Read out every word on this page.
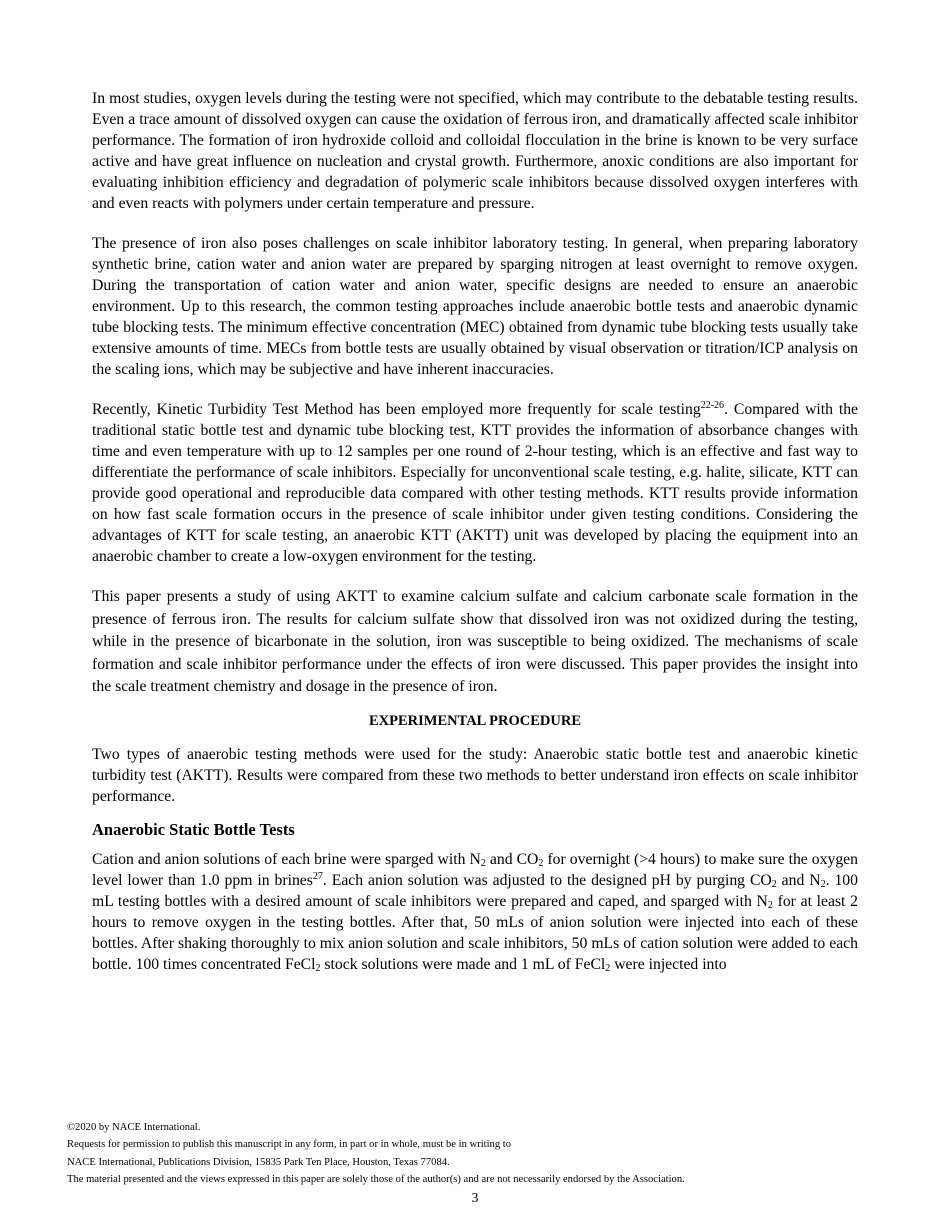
In most studies, oxygen levels during the testing were not specified, which may contribute to the debatable testing results. Even a trace amount of dissolved oxygen can cause the oxidation of ferrous iron, and dramatically affected scale inhibitor performance. The formation of iron hydroxide colloid and colloidal flocculation in the brine is known to be very surface active and have great influence on nucleation and crystal growth. Furthermore, anoxic conditions are also important for evaluating inhibition efficiency and degradation of polymeric scale inhibitors because dissolved oxygen interferes with and even reacts with polymers under certain temperature and pressure.

The presence of iron also poses challenges on scale inhibitor laboratory testing. In general, when preparing laboratory synthetic brine, cation water and anion water are prepared by sparging nitrogen at least overnight to remove oxygen. During the transportation of cation water and anion water, specific designs are needed to ensure an anaerobic environment. Up to this research, the common testing approaches include anaerobic bottle tests and anaerobic dynamic tube blocking tests. The minimum effective concentration (MEC) obtained from dynamic tube blocking tests usually take extensive amounts of time. MECs from bottle tests are usually obtained by visual observation or titration/ICP analysis on the scaling ions, which may be subjective and have inherent inaccuracies.

Recently, Kinetic Turbidity Test Method has been employed more frequently for scale testing$^{22-26}$. Compared with the traditional static bottle test and dynamic tube blocking test, KTT provides the information of absorbance changes with time and even temperature with up to 12 samples per one round of 2-hour testing, which is an effective and fast way to differentiate the performance of scale inhibitors. Especially for unconventional scale testing, e.g. halite, silicate, KTT can provide good operational and reproducible data compared with other testing methods. KTT results provide information on how fast scale formation occurs in the presence of scale inhibitor under given testing conditions. Considering the advantages of KTT for scale testing, an anaerobic KTT (AKTT) unit was developed by placing the equipment into an anaerobic chamber to create a low-oxygen environment for the testing.

This paper presents a study of using AKTT to examine calcium sulfate and calcium carbonate scale formation in the presence of ferrous iron. The results for calcium sulfate show that dissolved iron was not oxidized during the testing, while in the presence of bicarbonate in the solution, iron was susceptible to being oxidized. The mechanisms of scale formation and scale inhibitor performance under the effects of iron were discussed. This paper provides the insight into the scale treatment chemistry and dosage in the presence of iron.

EXPERIMENTAL PROCEDURE

Two types of anaerobic testing methods were used for the study: Anaerobic static bottle test and anaerobic kinetic turbidity test (AKTT). Results were compared from these two methods to better understand iron effects on scale inhibitor performance.

Anaerobic Static Bottle Tests

Cation and anion solutions of each brine were sparged with $N_2$ and $CO_2$ for overnight (>4 hours) to make sure the oxygen level lower than 1.0 ppm in brines$^{27}$. Each anion solution was adjusted to the designed pH by purging $CO_2$ and $N_2$. 100 mL testing bottles with a desired amount of scale inhibitors were prepared and caped, and sparged with $N_2$ for at least 2 hours to remove oxygen in the testing bottles. After that, 50 mLs of anion solution were injected into each of these bottles. After shaking thoroughly to mix anion solution and scale inhibitors, 50 mLs of cation solution were added to each bottle. 100 times concentrated FeCl$_2$ stock solutions were made and 1 mL of FeCl$_2$ were injected into

©2020 by NACE International.
Requests for permission to publish this manuscript in any form, in part or in whole, must be in writing to
NACE International, Publications Division, 15835 Park Ten Place, Houston, Texas 77084.
The material presented and the views expressed in this paper are solely those of the author(s) and are not necessarily endorsed by the Association.
3
